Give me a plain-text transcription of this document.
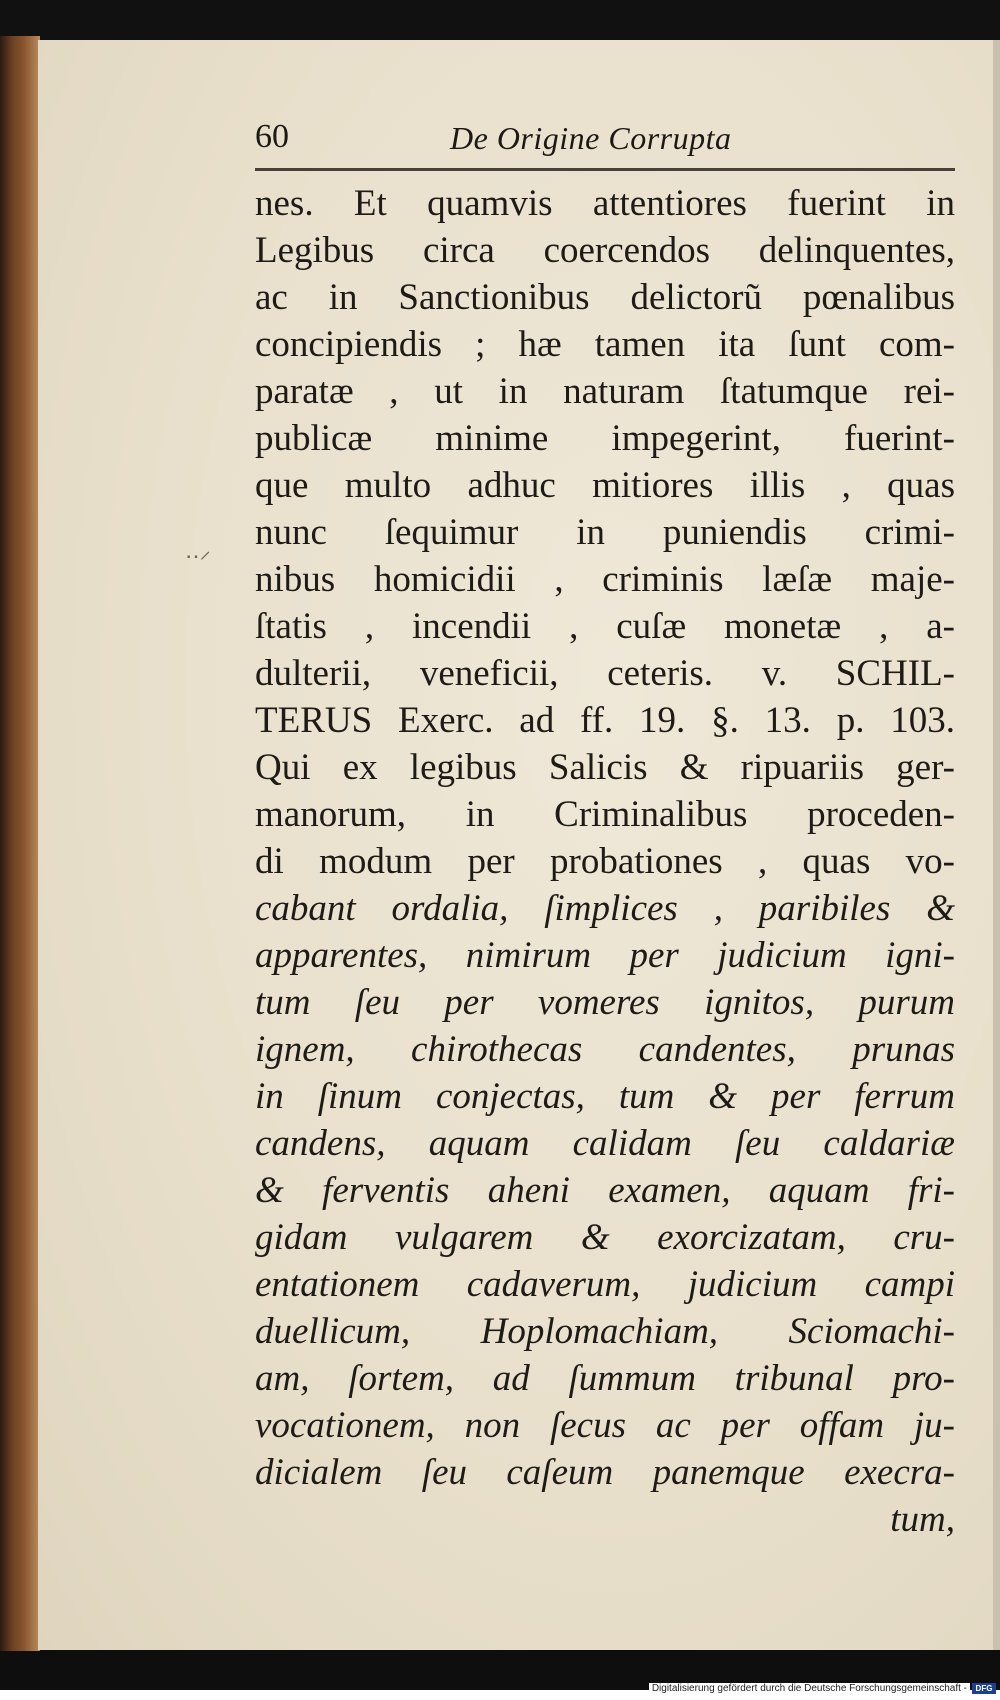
60	De Origine Corrupta
‥⸝
nes. Et quamvis attentiores fuerint in
Legibus circa coercendos delinquentes,
ac in Sanctionibus delictorũ pœnalibus
concipiendis ; hæ tamen ita ſunt com-
paratæ , ut in naturam ſtatumque rei-
publicæ minime impegerint, fuerint-
que multo adhuc mitiores illis , quas
nunc ſequimur in puniendis crimi-
nibus homicidii , criminis læſæ maje-
ſtatis , incendii , cuſæ monetæ , a-
dulterii, veneficii, ceteris. v. SCHIL-
TERUS Exerc. ad ff. 19. §. 13. p. 103.
Qui ex legibus Salicis & ripuariis ger-
manorum, in Criminalibus proceden-
di modum per probationes , quas vo-
cabant ordalia, ſimplices , paribiles &
apparentes, nimirum per judicium igni-
tum ſeu per vomeres ignitos, purum
ignem, chirothecas candentes, prunas
in ſinum conjectas, tum & per ferrum
candens, aquam calidam ſeu caldariæ
& ferventis aheni examen, aquam fri-
gidam vulgarem & exorcizatam, cru-
entationem cadaverum, judicium campi
duellicum, Hoplomachiam, Sciomachi-
am, ſortem, ad ſummum tribunal pro-
vocationem, non ſecus ac per offam ju-
dicialem ſeu caſeum panemque execra-
tum,
Digitalisierung gefördert durch die Deutsche Forschungsgemeinschaft -	DFG
